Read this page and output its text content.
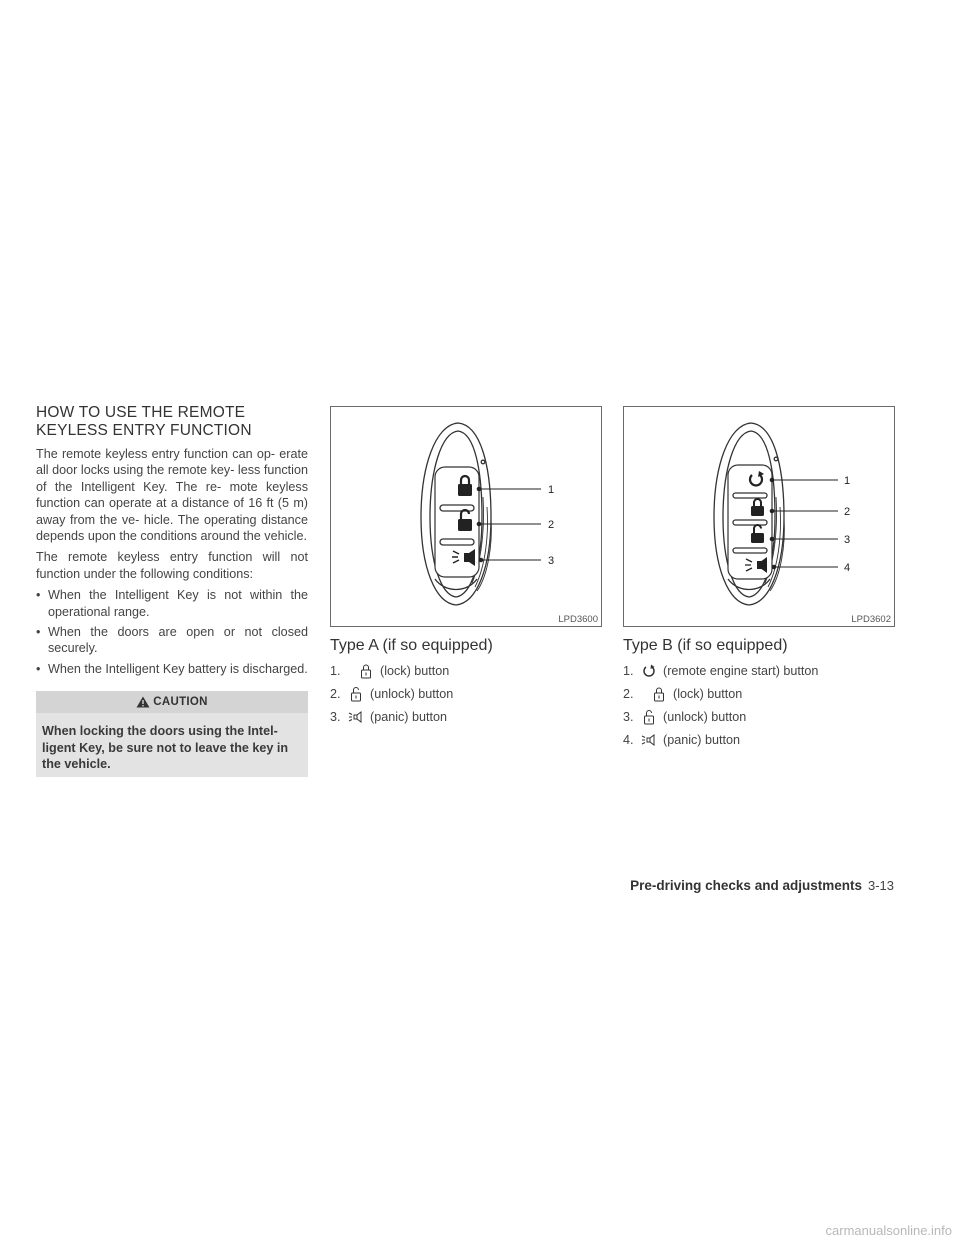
HOW TO USE THE REMOTE KEYLESS ENTRY FUNCTION

The remote keyless entry function can op- erate all door locks using the remote key- less function of the Intelligent Key. The re- mote keyless function can operate at a distance of 16 ft (5 m) away from the ve- hicle. The operating distance depends upon the conditions around the vehicle.

The remote keyless entry function will not function under the following conditions:

• When the Intelligent Key is not within the operational range.
• When the doors are open or not closed securely.
• When the Intelligent Key battery is discharged.
CAUTION
When locking the doors using the Intel- ligent Key, be sure not to leave the key in the vehicle.
1
2
3
LPD3600
1
2
3
4
LPD3602
Type A (if so equipped)
1.	(lock) button
2.	(unlock) button
3.	(panic) button
Type B (if so equipped)
1.	(remote engine start) button
2.	(lock) button
3.	(unlock) button
4.	(panic) button
Pre-driving checks and adjustments 3-13
carmanualsonline.info
